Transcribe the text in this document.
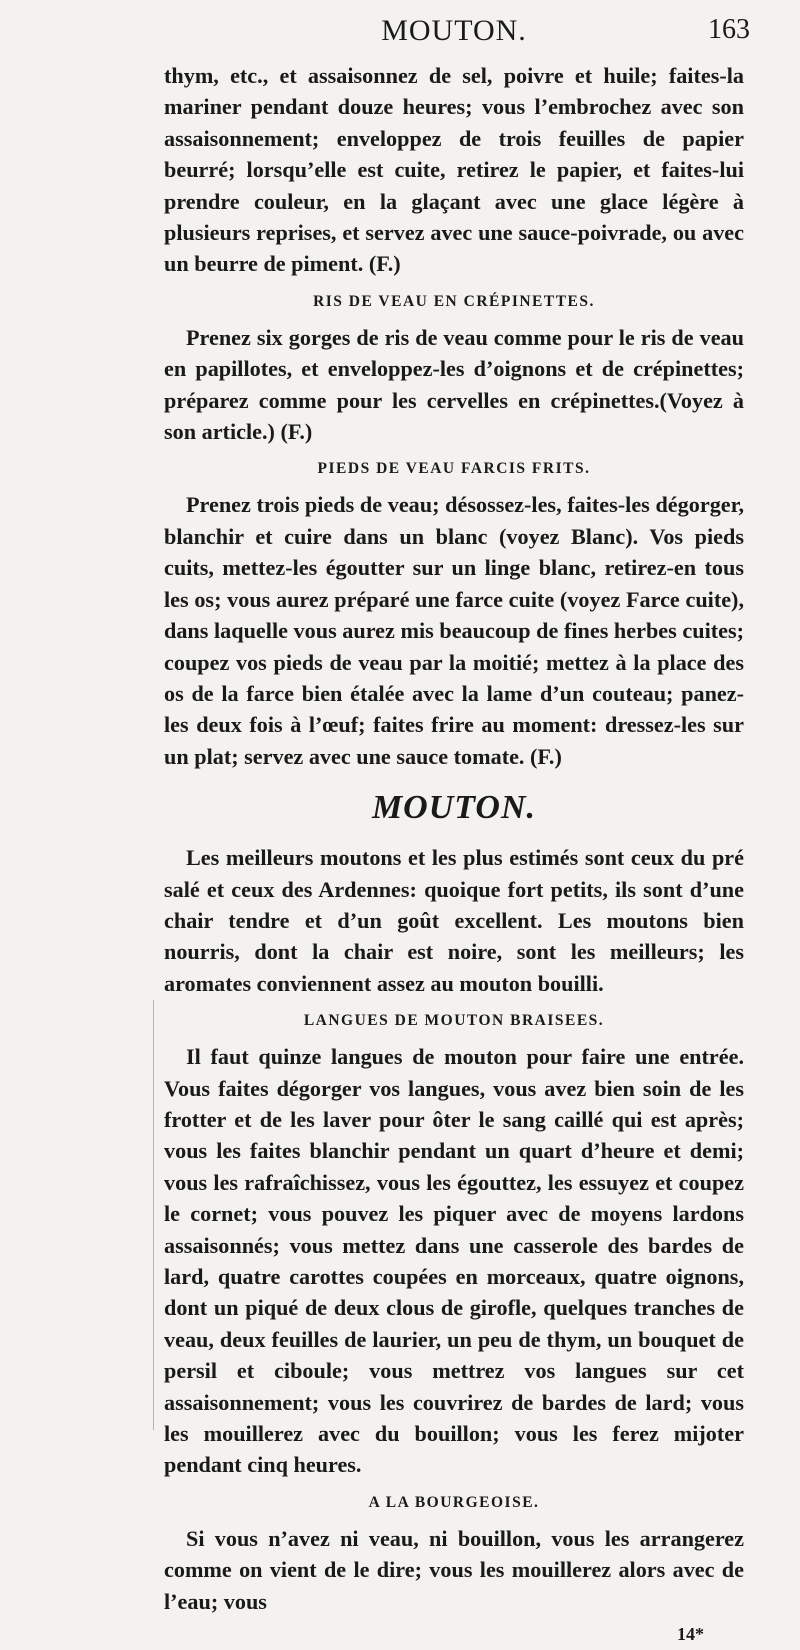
MOUTON.	163

thym, etc., et assaisonnez de sel, poivre et huile; faites-la mariner pendant douze heures; vous l’embrochez avec son assaisonnement; enveloppez de trois feuilles de papier beurré; lorsqu’elle est cuite, retirez le papier, et faites-lui prendre couleur, en la glaçant avec une glace légère à plusieurs reprises, et servez avec une sauce-poivrade, ou avec un beurre de piment. (F.)

RIS DE VEAU EN CRÉPINETTES.

Prenez six gorges de ris de veau comme pour le ris de veau en papillotes, et enveloppez-les d’oignons et de crépinettes; préparez comme pour les cervelles en crépinettes.(Voyez à son article.) (F.)

PIEDS DE VEAU FARCIS FRITS.

Prenez trois pieds de veau; désossez-les, faites-les dégorger, blanchir et cuire dans un blanc (voyez Blanc). Vos pieds cuits, mettez-les égoutter sur un linge blanc, retirez-en tous les os; vous aurez préparé une farce cuite (voyez Farce cuite), dans laquelle vous aurez mis beaucoup de fines herbes cuites; coupez vos pieds de veau par la moitié; mettez à la place des os de la farce bien étalée avec la lame d’un couteau; panez-les deux fois à l’œuf; faites frire au moment: dressez-les sur un plat; servez avec une sauce tomate. (F.)

MOUTON.

Les meilleurs moutons et les plus estimés sont ceux du pré salé et ceux des Ardennes: quoique fort petits, ils sont d’une chair tendre et d’un goût excellent. Les moutons bien nourris, dont la chair est noire, sont les meilleurs; les aromates conviennent assez au mouton bouilli.

LANGUES DE MOUTON BRAISEES.

Il faut quinze langues de mouton pour faire une entrée. Vous faites dégorger vos langues, vous avez bien soin de les frotter et de les laver pour ôter le sang caillé qui est après; vous les faites blanchir pendant un quart d’heure et demi; vous les rafraîchissez, vous les égouttez, les essuyez et coupez le cornet; vous pouvez les piquer avec de moyens lardons assaisonnés; vous mettez dans une casserole des bardes de lard, quatre carottes coupées en morceaux, quatre oignons, dont un piqué de deux clous de girofle, quelques tranches de veau, deux feuilles de laurier, un peu de thym, un bouquet de persil et ciboule; vous mettrez vos langues sur cet assaisonnement; vous les couvrirez de bardes de lard; vous les mouillerez avec du bouillon; vous les ferez mijoter pendant cinq heures.

A LA BOURGEOISE.

Si vous n’avez ni veau, ni bouillon, vous les arrangerez comme on vient de le dire; vous les mouillerez alors avec de l’eau; vous

14*
